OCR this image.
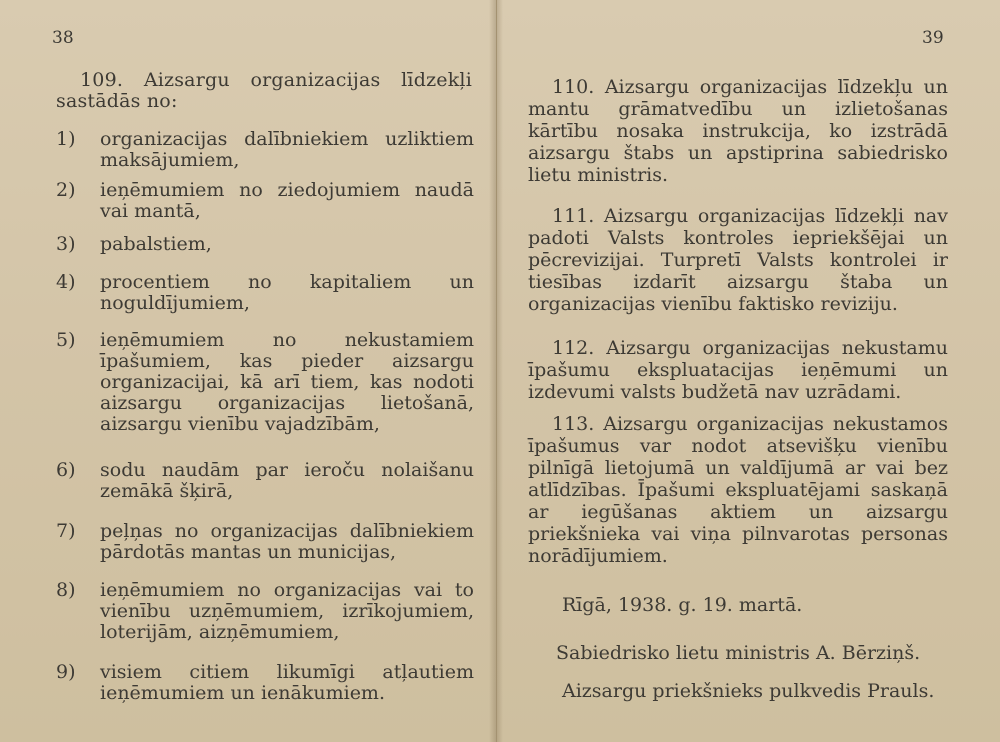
38
109. Aizsargu organizacijas līdzekļi sastādās no:
1) organizacijas dalībniekiem uzliktiem maksājumiem,
2) ieņēmumiem no ziedojumiem naudā vai mantā,
3) pabalstiem,
4) procentiem no kapitaliem un noguldījumiem,
5) ieņēmumiem no nekustamiem īpašumiem, kas pieder aizsargu organizacijai, kā arī tiem, kas nodoti aizsargu organizacijas lietošanā, aizsargu vienību vajadzībām,
6) sodu naudām par ieroču nolaišanu zemākā šķirā,
7) peļņas no organizacijas dalībniekiem pārdotās mantas un municijas,
8) ieņēmumiem no organizacijas vai to vienību uzņēmumiem, izrīkojumiem, loterijām, aizņēmumiem,
9) visiem citiem likumīgi atļautiem ieņēmumiem un ienākumiem.
39
110. Aizsargu organizacijas līdzekļu un mantu grāmatvedību un izlietošanas kārtību nosaka instrukcija, ko izstrādā aizsargu štabs un apstiprina sabiedrisko lietu ministris.
111. Aizsargu organizacijas līdzekļi nav padoti Valsts kontroles iepriekšējai un pēcrevizijai. Turpretī Valsts kontrolei ir tiesības izdarīt aizsargu štaba un organizacijas vienību faktisko reviziju.
112. Aizsargu organizacijas nekustamu īpašumu ekspluatacijas ieņēmumi un izdevumi valsts budžetā nav uzrādami.
113. Aizsargu organizacijas nekustamos īpašumus var nodot atsevišķu vienību pilnīgā lietojumā un valdījumā ar vai bez atlīdzības. Īpašumi ekspluatējami saskaņā ar iegūšanas aktiem un aizsargu priekšnieka vai viņa pilnvarotas personas norādījumiem.
Rīgā, 1938. g. 19. martā.
Sabiedrisko lietu ministris A. Bērziņš.
Aizsargu priekšnieks pulkvedis Prauls.
